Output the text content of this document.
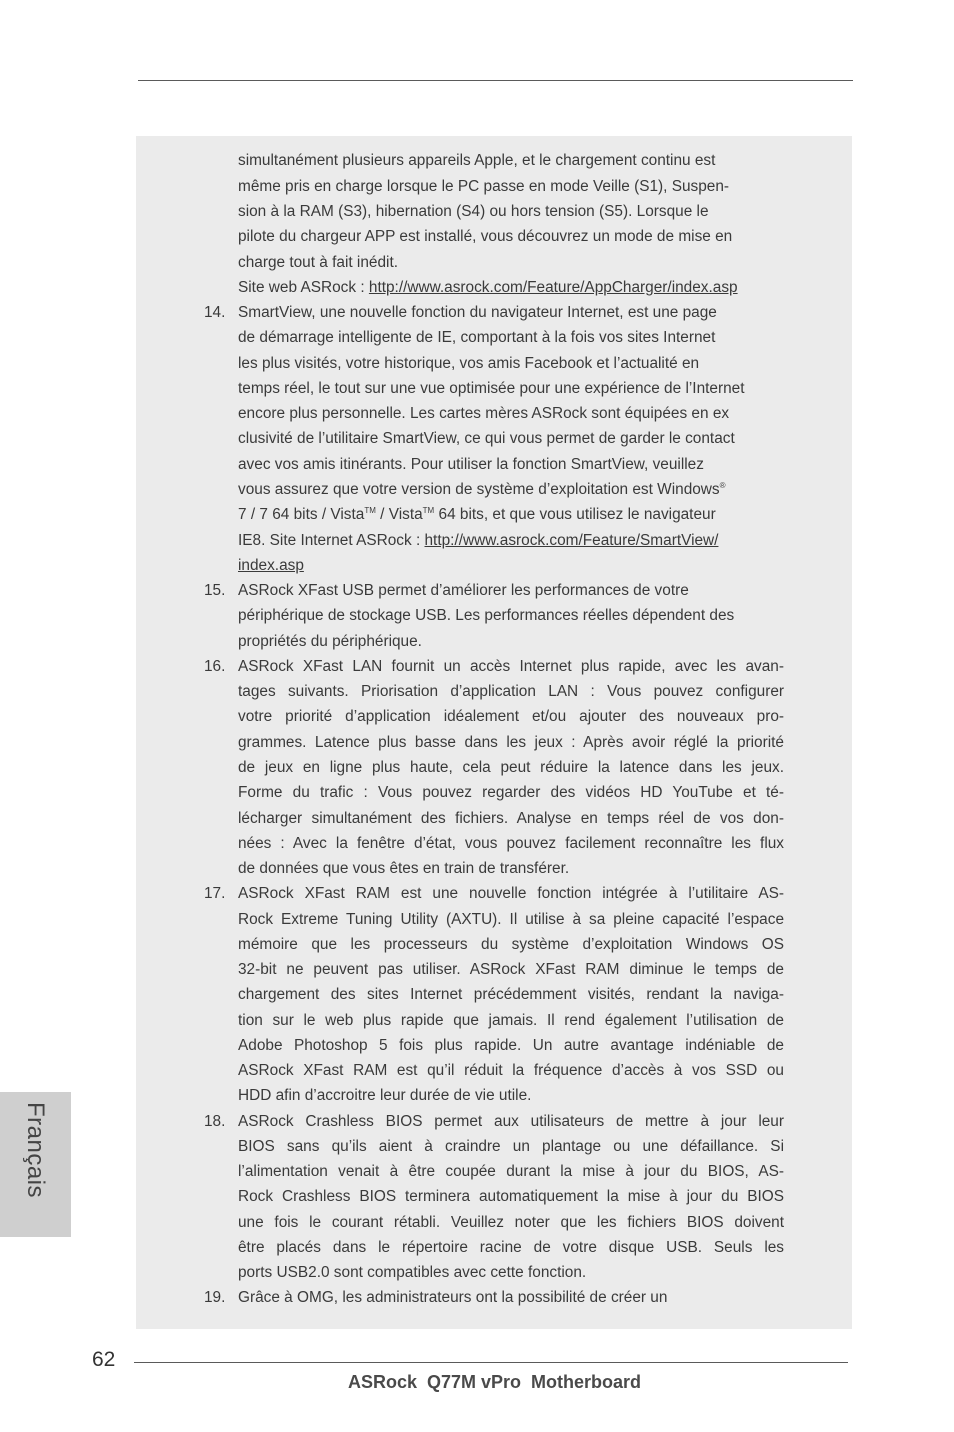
simultanément plusieurs appareils Apple, et le chargement continu est
même pris en charge lorsque le PC passe en mode Veille (S1), Suspen-
sion à la RAM (S3), hibernation (S4) ou hors tension (S5). Lorsque le
pilote du chargeur APP est installé, vous découvrez un mode de mise en
charge tout à fait inédit.
Site web ASRock : http://www.asrock.com/Feature/AppCharger/index.asp
14. SmartView, une nouvelle fonction du navigateur Internet, est une page
de démarrage intelligente de IE, comportant à la fois vos sites Internet
les plus visités, votre historique, vos amis Facebook et l’actualité en
temps réel, le tout sur une vue optimisée pour une expérience de l’Internet
encore plus personnelle. Les cartes mères ASRock sont équipées en ex
clusivité de l’utilitaire SmartView, ce qui vous permet de garder le contact
avec vos amis itinérants. Pour utiliser la fonction SmartView, veuillez
vous assurez que votre version de système d’exploitation est Windows®
7 / 7 64 bits / Vista™ / Vista™ 64 bits, et que vous utilisez le navigateur
IE8. Site Internet ASRock : http://www.asrock.com/Feature/SmartView/
index.asp
15. ASRock XFast USB permet d’améliorer les performances de votre
périphérique de stockage USB. Les performances réelles dépendent des
propriétés du périphérique.
16. ASRock XFast LAN fournit un accès Internet plus rapide, avec les avan-
tages suivants. Priorisation d’application LAN : Vous pouvez configurer
votre priorité d’application idéalement et/ou ajouter des nouveaux pro-
grammes. Latence plus basse dans les jeux : Après avoir réglé la priorité
de jeux en ligne plus haute, cela peut réduire la latence dans les jeux.
Forme du trafic : Vous pouvez regarder des vidéos HD YouTube et té-
lécharger simultanément des fichiers. Analyse en temps réel de vos don-
nées : Avec la fenêtre d’état, vous pouvez facilement reconnaître les flux
de données que vous êtes en train de transférer.
17. ASRock XFast RAM est une nouvelle fonction intégrée à l’utilitaire AS-
Rock Extreme Tuning Utility (AXTU). Il utilise à sa pleine capacité l’espace
mémoire que les processeurs du système d’exploitation Windows OS
32-bit ne peuvent pas utiliser. ASRock XFast RAM diminue le temps de
chargement des sites Internet précédemment visités, rendant la naviga-
tion sur le web plus rapide que jamais. Il rend également l’utilisation de
Adobe Photoshop 5 fois plus rapide. Un autre avantage indéniable de
ASRock XFast RAM est qu’il réduit la fréquence d’accès à vos SSD ou
HDD afin d’accroitre leur durée de vie utile.
18. ASRock Crashless BIOS permet aux utilisateurs de mettre à jour leur
BIOS sans qu’ils aient à craindre un plantage ou une défaillance. Si
l’alimentation venait à être coupée durant la mise à jour du BIOS, AS-
Rock Crashless BIOS terminera automatiquement la mise à jour du BIOS
une fois le courant rétabli. Veuillez noter que les fichiers BIOS doivent
être placés dans le répertoire racine de votre disque USB. Seuls les
ports USB2.0 sont compatibles avec cette fonction.
19. Grâce à OMG, les administrateurs ont la possibilité de créer un
Français
62
ASRock  Q77M vPro  Motherboard
